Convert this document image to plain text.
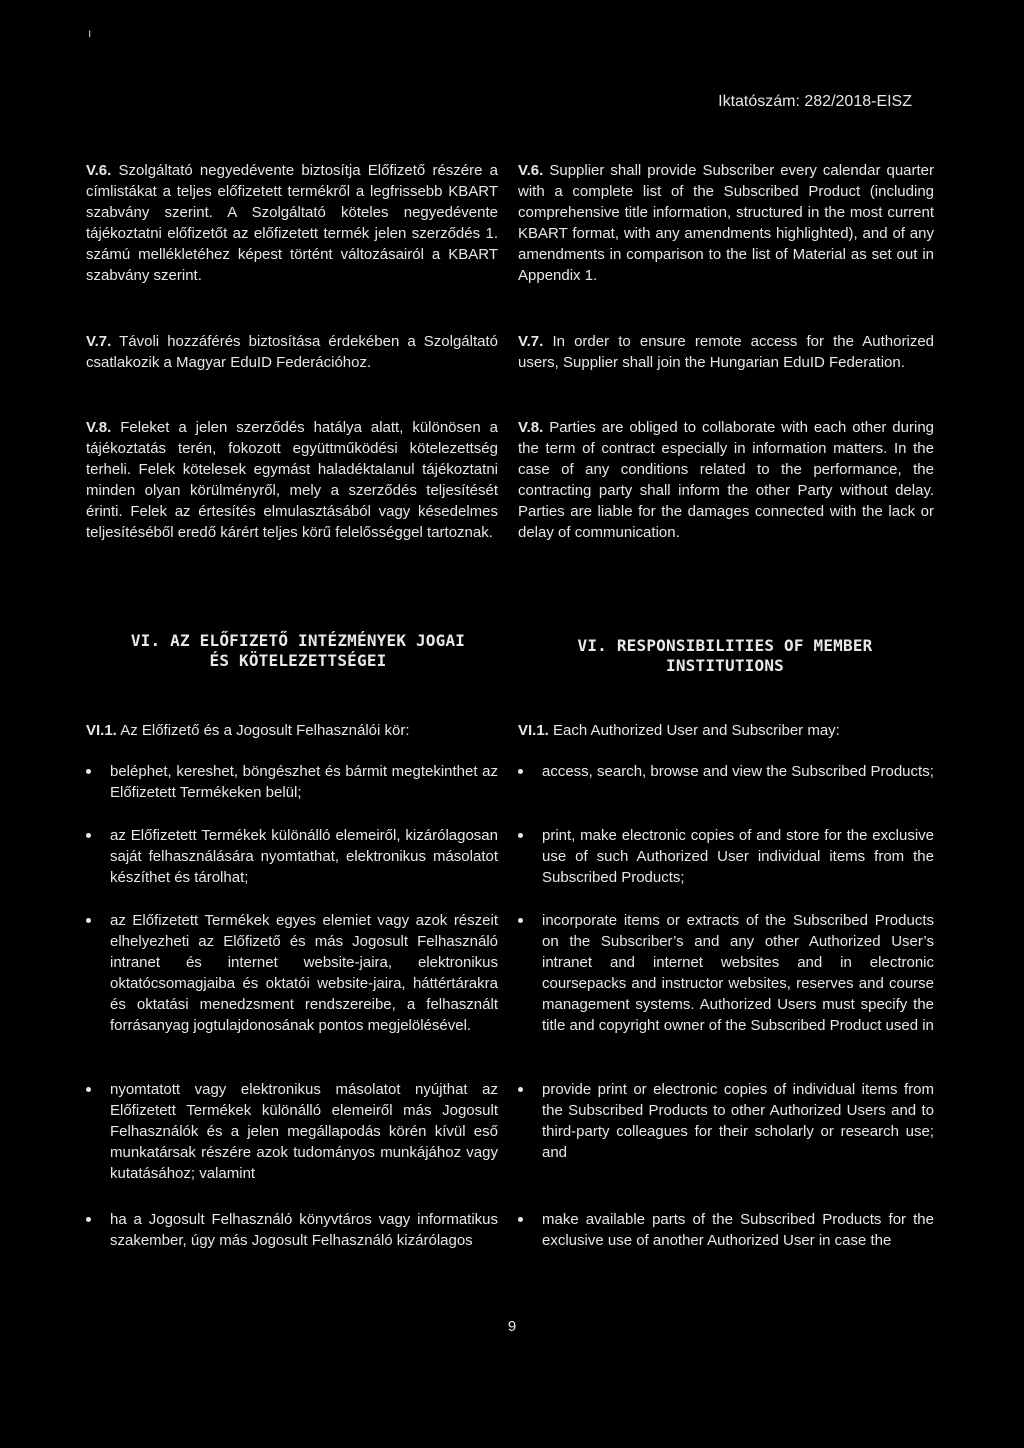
ı
Iktatószám: 282/2018-EISZ

V.6. Szolgáltató negyedévente biztosítja Előfizető részére a címlistákat a teljes előfizetett termékről a legfrissebb KBART szabvány szerint. A Szolgáltató köteles negyedévente tájékoztatni előfizetőt az előfizetett termék jelen szerződés 1. számú mellékletéhez képest történt változásairól a KBART szabvány szerint.

V.6. Supplier shall provide Subscriber every calendar quarter with a complete list of the Subscribed Product (including comprehensive title information, structured in the most current KBART format, with any amendments highlighted), and of any amendments in comparison to the list of Material as set out in Appendix 1.

V.7. Távoli hozzáférés biztosítása érdekében a Szolgáltató csatlakozik a Magyar EduID Federációhoz.

V.7. In order to ensure remote access for the Authorized users, Supplier shall join the Hungarian EduID Federation.

V.8. Feleket a jelen szerződés hatálya alatt, különösen a tájékoztatás terén, fokozott együttműködési kötelezettség terheli. Felek kötelesek egymást haladéktalanul tájékoztatni minden olyan körülményről, mely a szerződés teljesítését érinti. Felek az értesítés elmulasztásából vagy késedelmes teljesítéséből eredő kárért teljes körű felelősséggel tartoznak.

V.8. Parties are obliged to collaborate with each other during the term of contract especially in information matters. In the case of any conditions related to the performance, the contracting party shall inform the other Party without delay. Parties are liable for the damages connected with the lack or delay of communication.

VI. AZ ELŐFIZETŐ INTÉZMÉNYEK JOGAI

ÉS KÖTELEZETTSÉGEI

VI. RESPONSIBILITIES OF MEMBER

INSTITUTIONS

VI.1. Az Előfizető és a Jogosult Felhasználói kör:	VI.1. Each Authorized User and Subscriber may:

beléphet, kereshet, böngészhet és bármit megtekinthet az Előfizetett Termékeken belül;
az Előfizetett Termékek különálló elemeiről, kizárólagosan saját felhasználására nyomtathat, elektronikus másolatot készíthet és tárolhat;
az Előfizetett Termékek egyes elemiet vagy azok részeit elhelyezheti az Előfizető és más Jogosult Felhasználó intranet és internet website-jaira, elektronikus oktatócsomagjaiba és oktatói website-jaira, háttértárakra és oktatási menedzsment rendszereibe, a felhasznált forrásanyag jogtulajdonosának pontos megjelölésével.
nyomtatott vagy elektronikus másolatot nyújthat az Előfizetett Termékek különálló elemeiről más Jogosult Felhasználók és a jelen megállapodás körén kívül eső munkatársak részére azok tudományos munkájához vagy kutatásához; valamint
ha a Jogosult Felhasználó könyvtáros vagy informatikus szakember, úgy más Jogosult Felhasználó kizárólagos
access, search, browse and view the Subscribed Products;
print, make electronic copies of and store for the exclusive use of such Authorized User individual items from the Subscribed Products;
incorporate items or extracts of the Subscribed Products on the Subscriber’s and any other Authorized User’s intranet and internet websites and in electronic coursepacks and instructor websites, reserves and course management systems. Authorized Users must specify the title and copyright owner of the Subscribed Product used in
provide print or electronic copies of individual items from the Subscribed Products to other Authorized Users and to third-party colleagues for their scholarly or research use; and
make available parts of the Subscribed Products for the exclusive use of another Authorized User in case the
9
